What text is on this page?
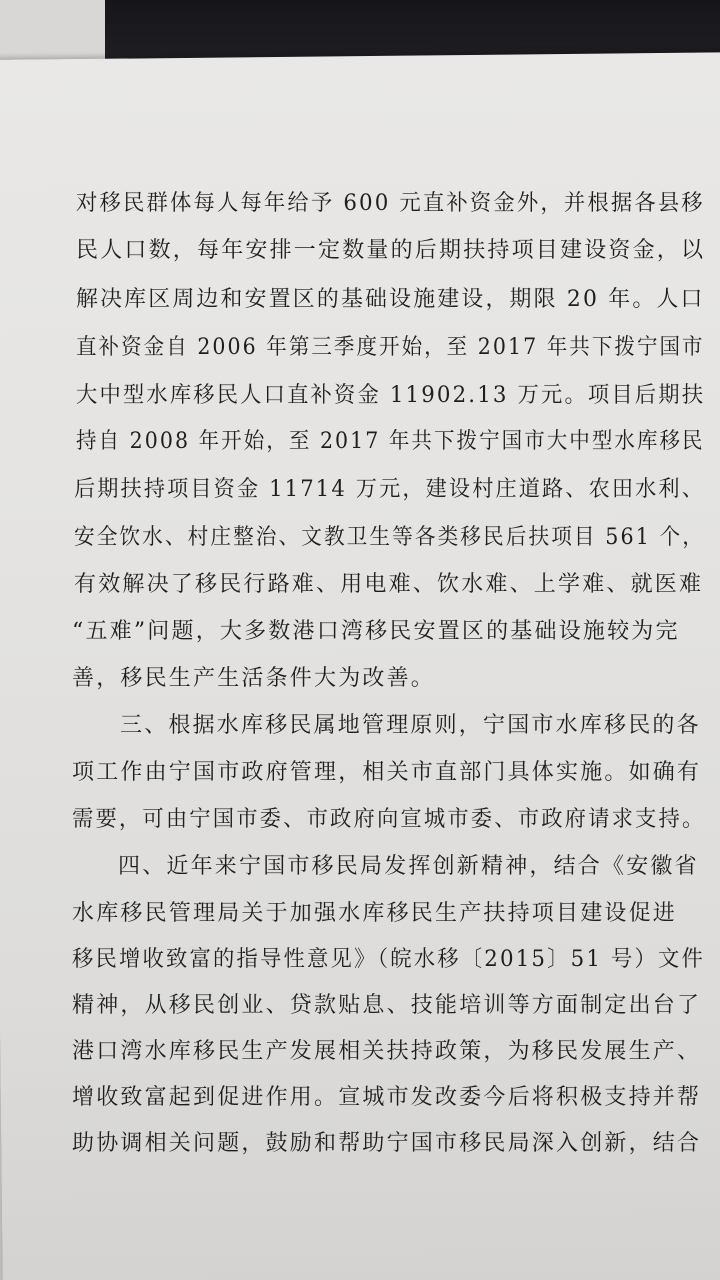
对移民群体每人每年给予 600 元直补资金外，并根据各县移
民人口数，每年安排一定数量的后期扶持项目建设资金，以
解决库区周边和安置区的基础设施建设，期限 20 年。人口
直补资金自 2006 年第三季度开始，至 2017 年共下拨宁国市
大中型水库移民人口直补资金 11902.13 万元。项目后期扶
持自 2008 年开始，至 2017 年共下拨宁国市大中型水库移民
后期扶持项目资金 11714 万元，建设村庄道路、农田水利、
安全饮水、村庄整治、文教卫生等各类移民后扶项目 561 个，
有效解决了移民行路难、用电难、饮水难、上学难、就医难
“五难”问题，大多数港口湾移民安置区的基础设施较为完
善，移民生产生活条件大为改善。
三、根据水库移民属地管理原则，宁国市水库移民的各
项工作由宁国市政府管理，相关市直部门具体实施。如确有
需要，可由宁国市委、市政府向宣城市委、市政府请求支持。
四、近年来宁国市移民局发挥创新精神，结合《安徽省
水库移民管理局关于加强水库移民生产扶持项目建设促进
移民增收致富的指导性意见》（皖水移〔2015〕51 号）文件
精神，从移民创业、贷款贴息、技能培训等方面制定出台了
港口湾水库移民生产发展相关扶持政策，为移民发展生产、
增收致富起到促进作用。宣城市发改委今后将积极支持并帮
助协调相关问题，鼓励和帮助宁国市移民局深入创新，结合
